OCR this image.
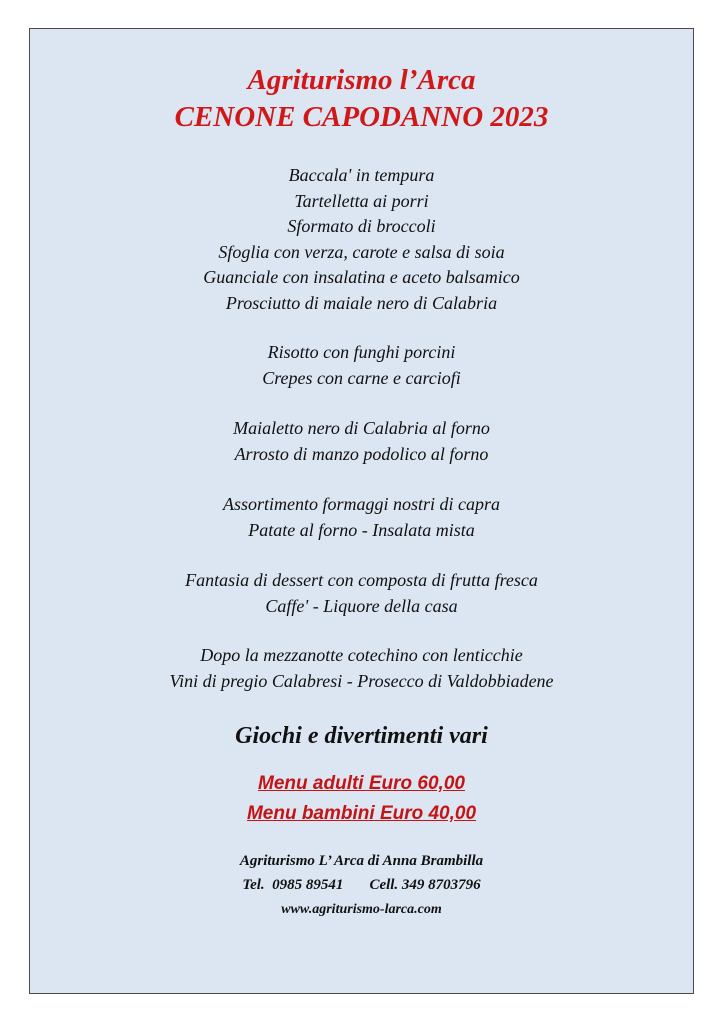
Agriturismo l’Arca
CENONE CAPODANNO 2023
Baccala' in tempura
Tartelletta ai porri
Sformato di broccoli
Sfoglia con verza, carote e salsa di soia
Guanciale con insalatina e aceto balsamico
Prosciutto di maiale nero di Calabria
Risotto con funghi porcini
Crepes con carne e carciofi
Maialetto nero di Calabria al forno
Arrosto di manzo podolico al forno
Assortimento formaggi nostri di capra
Patate al forno - Insalata mista
Fantasia di dessert con composta di frutta fresca
Caffe' - Liquore della casa
Dopo la mezzanotte cotechino con lenticchie
Vini di pregio Calabresi - Prosecco di Valdobbiadene
Giochi e divertimenti vari
Menu adulti Euro 60,00
Menu bambini Euro 40,00
Agriturismo L’ Arca di Anna Brambilla
Tel.  0985 89541 Cell. 349 8703796
www.agriturismo-larca.com
